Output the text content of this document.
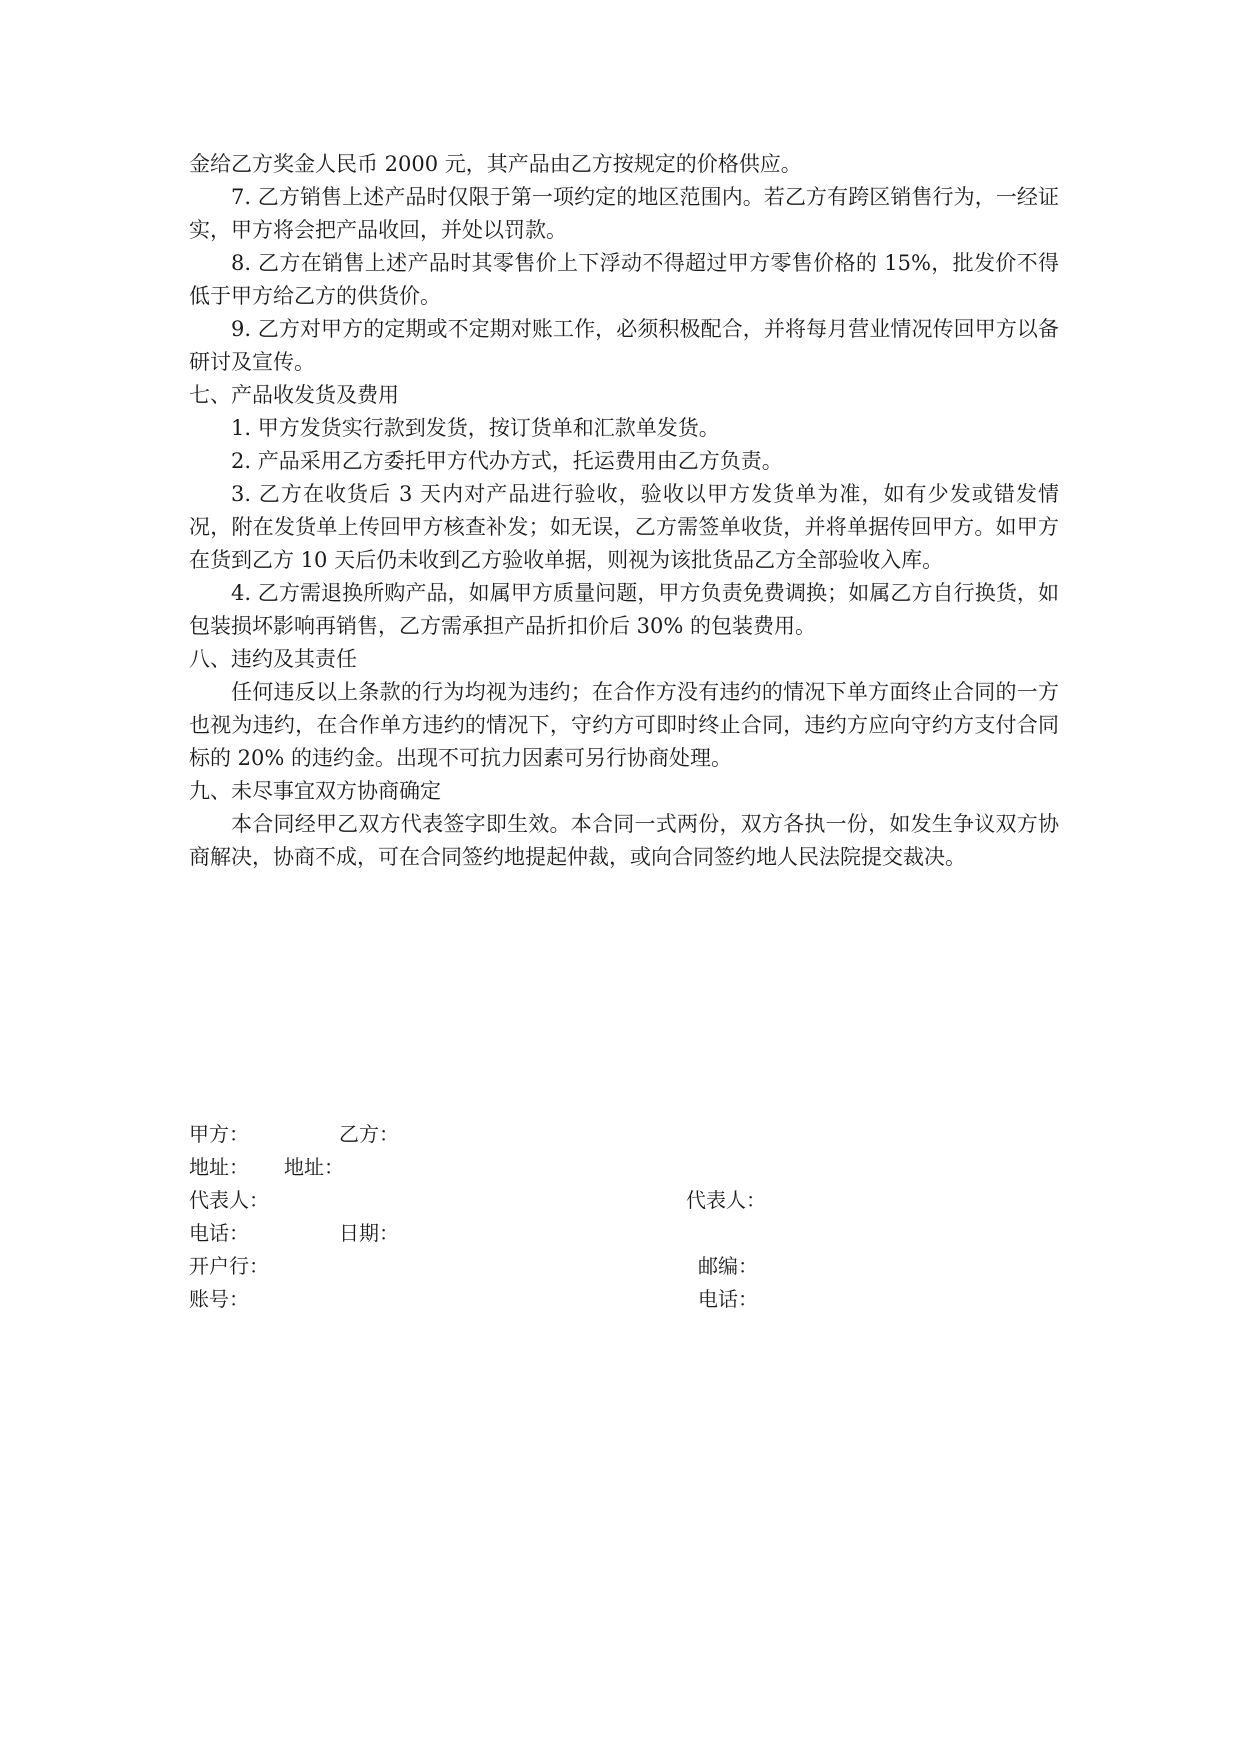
金给乙方奖金人民币 2000 元，其产品由乙方按规定的价格供应。

7. 乙方销售上述产品时仅限于第一项约定的地区范围内。若乙方有跨区销售行为，一经证实，甲方将会把产品收回，并处以罚款。

8. 乙方在销售上述产品时其零售价上下浮动不得超过甲方零售价格的 15%，批发价不得低于甲方给乙方的供货价。

9. 乙方对甲方的定期或不定期对账工作，必须积极配合，并将每月营业情况传回甲方以备研讨及宣传。

七、产品收发货及费用

1. 甲方发货实行款到发货，按订货单和汇款单发货。

2. 产品采用乙方委托甲方代办方式，托运费用由乙方负责。

3. 乙方在收货后 3 天内对产品进行验收，验收以甲方发货单为准，如有少发或错发情况，附在发货单上传回甲方核查补发；如无误，乙方需签单收货，并将单据传回甲方。如甲方在货到乙方 10 天后仍未收到乙方验收单据，则视为该批货品乙方全部验收入库。

4. 乙方需退换所购产品，如属甲方质量问题，甲方负责免费调换；如属乙方自行换货，如包装损坏影响再销售，乙方需承担产品折扣价后 30% 的包装费用。

八、违约及其责任

任何违反以上条款的行为均视为违约；在合作方没有违约的情况下单方面终止合同的一方也视为违约，在合作单方违约的情况下，守约方可即时终止合同，违约方应向守约方支付合同标的 20% 的违约金。出现不可抗力因素可另行协商处理。

九、未尽事宜双方协商确定

本合同经甲乙双方代表签字即生效。本合同一式两份，双方各执一份，如发生争议双方协商解决，协商不成，可在合同签约地提起仲裁，或向合同签约地人民法院提交裁决。

甲方：	乙方：
地址： 地址：
代表人：	代表人：
电话：	日期：
开户行：	邮编：
账号：	电话：
